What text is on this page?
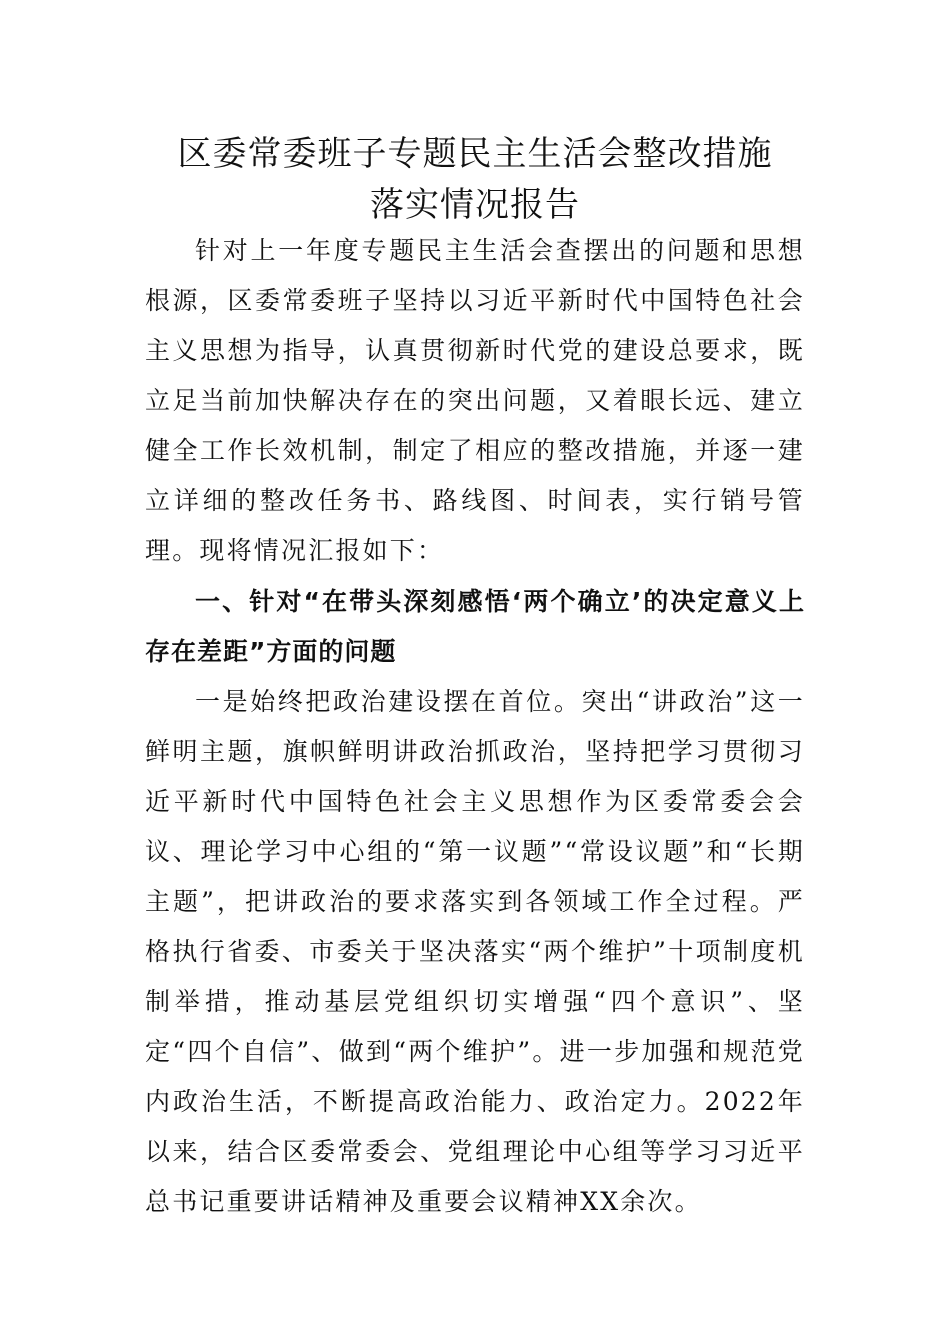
区委常委班子专题民主生活会整改措施
落实情况报告

针对上一年度专题民主生活会查摆出的问题和思想根源，区委常委班子坚持以习近平新时代中国特色社会主义思想为指导，认真贯彻新时代党的建设总要求，既立足当前加快解决存在的突出问题，又着眼长远、建立健全工作长效机制，制定了相应的整改措施，并逐一建立详细的整改任务书、路线图、时间表，实行销号管理。现将情况汇报如下：

一、针对“在带头深刻感悟‘两个确立’的决定意义上存在差距”方面的问题

一是始终把政治建设摆在首位。突出“讲政治”这一鲜明主题，旗帜鲜明讲政治抓政治，坚持把学习贯彻习近平新时代中国特色社会主义思想作为区委常委会会议、理论学习中心组的“第一议题”“常设议题”和“长期主题”，把讲政治的要求落实到各领域工作全过程。严格执行省委、市委关于坚决落实“两个维护”十项制度机制举措，推动基层党组织切实增强“四个意识”、坚定“四个自信”、做到“两个维护”。进一步加强和规范党内政治生活，不断提高政治能力、政治定力。2022年以来，结合区委常委会、党组理论中心组等学习习近平总书记重要讲话精神及重要会议精神XX余次。
